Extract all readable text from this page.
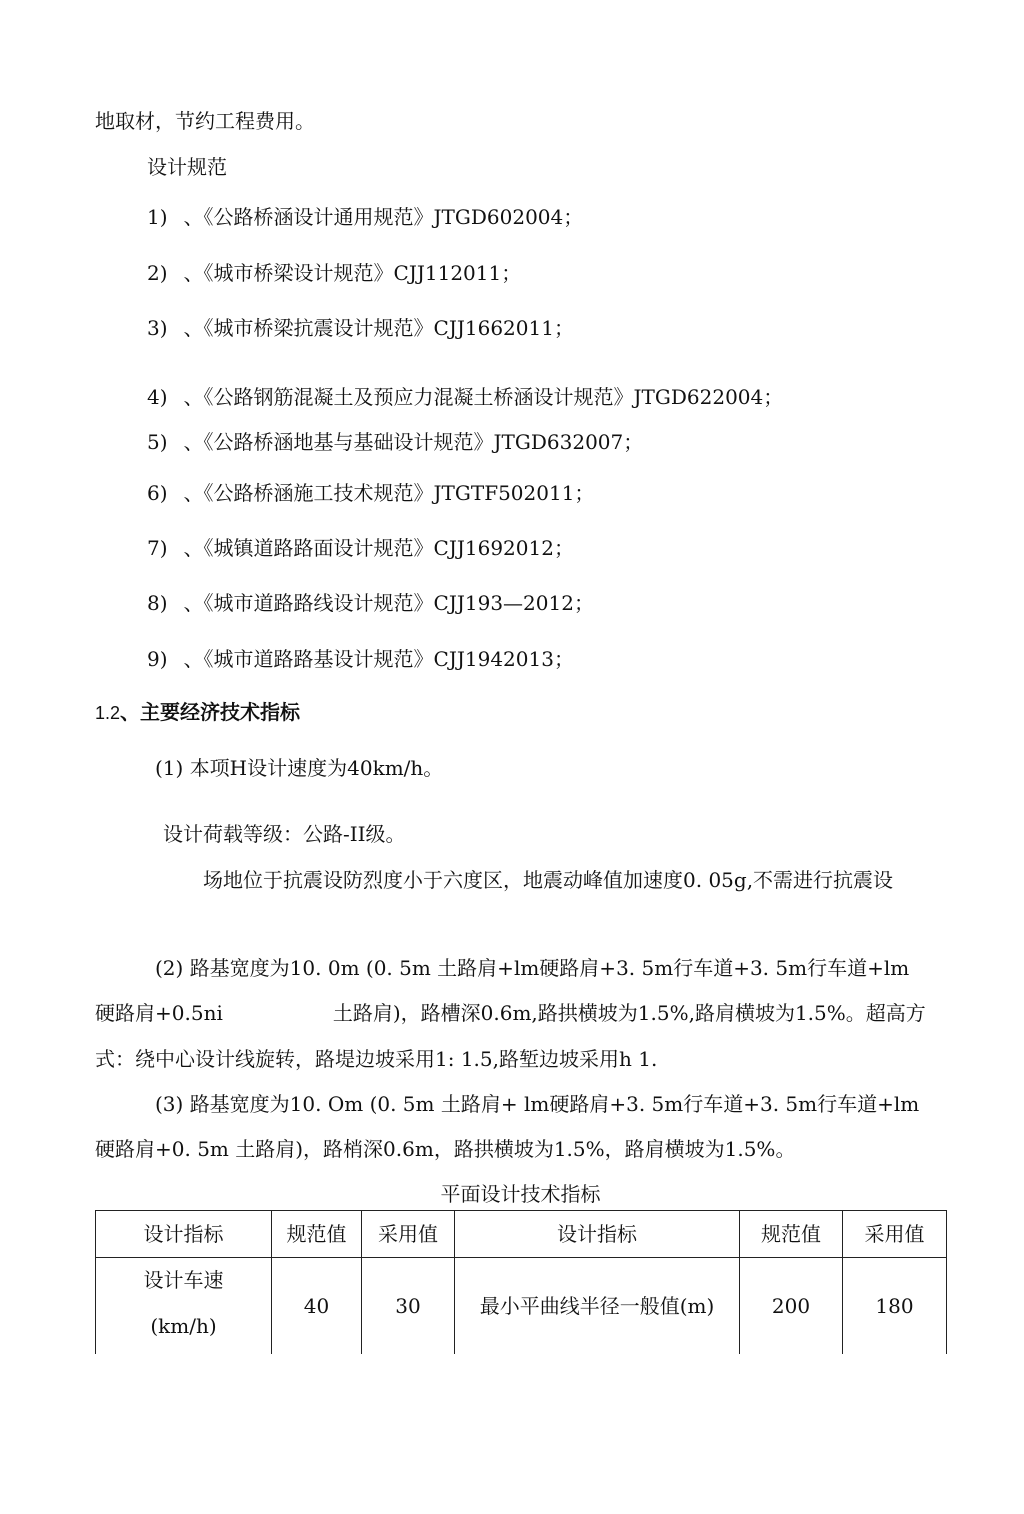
地取材，节约工程费用。
设计规范
1) 、《公路桥涵设计通用规范》JTGD602004；
2) 、《城市桥梁设计规范》CJJ112011；
3) 、《城市桥梁抗震设计规范》CJJ1662011；
4) 、《公路钢筋混凝土及预应力混凝土桥涵设计规范》JTGD622004；
5) 、《公路桥涵地基与基础设计规范》JTGD632007；
6) 、《公路桥涵施工技术规范》JTGTF502011；
7) 、《城镇道路路面设计规范》CJJ1692012；
8) 、《城市道路路线设计规范》CJJ193—2012；
9) 、《城市道路路基设计规范》CJJ1942013；
1.2、主要经济技术指标
(1) 本项H设计速度为40km/h。
设计荷载等级：公路-II级。
场地位于抗震设防烈度小于六度区，地震动峰值加速度0. 05g,不需进行抗震设
(2) 路基宽度为10. 0m (0. 5m 土路肩+lm硬路肩+3. 5m行车道+3. 5m行车道+lm
硬路肩+0.5ni	土路肩)，路槽深0.6m,路拱横坡为1.5%,路肩横坡为1.5%。超高方
式：绕中心设计线旋转，路堤边坡采用1: 1.5,路堑边坡采用h 1.
(3) 路基宽度为10. Om (0. 5m 土路肩+ lm硬路肩+3. 5m行车道+3. 5m行车道+lm
硬路肩+0. 5m 土路肩)，路梢深0.6m，路拱横坡为1.5%，路肩横坡为1.5%。
平面设计技术指标
设计指标	规范值	采用值	设计指标	规范值	采用值

设计车速
(km/h)	40	30	最小平曲线半径一般值(m)	200	180
